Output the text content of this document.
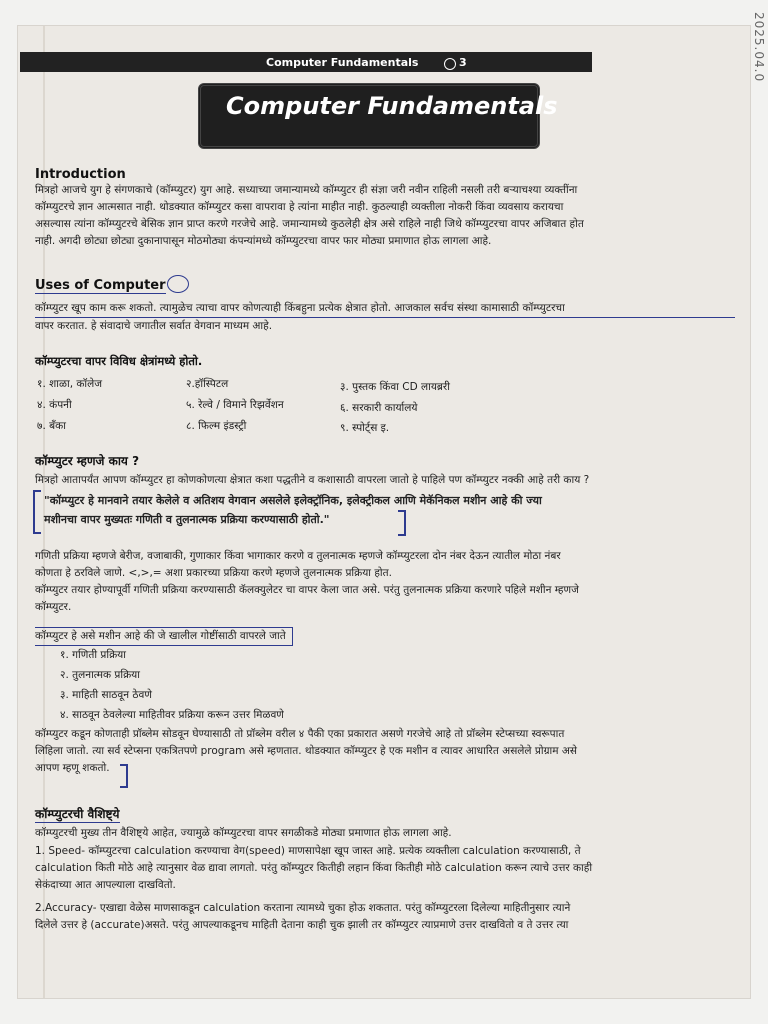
2025.04.0
Computer Fundamentals	3
Computer Fundamentals
Introduction
मित्रहो आजचे युग हे संगणकाचे (कॉम्प्युटर) युग आहे. सध्याच्या जमान्यामध्ये कॉम्प्युटर ही संज्ञा जरी नवीन राहिली नसली तरी बऱ्याचश्या व्यक्तींना
कॉम्प्युटरचे ज्ञान आत्मसात नाही. थोडक्यात कॉम्प्युटर कसा वापरावा हे त्यांना माहीत नाही. कुठल्याही व्यक्तीला नोकरी किंवा व्यवसाय करायचा
असल्यास त्यांना कॉम्प्युटरचे बेसिक ज्ञान प्राप्त करणे गरजेचे आहे. जमान्यामध्ये कुठलेही क्षेत्र असे राहिले नाही जिथे कॉम्प्युटरचा वापर अजिबात होत
नाही. अगदी छोट्या छोट्या दुकानापासून मोठमोठ्या कंपन्यांमध्ये कॉम्प्युटरचा वापर फार मोठ्या प्रमाणात होऊ लागला आहे.
Uses of Computer
कॉम्प्युटर खूप काम करू शकतो. त्यामुळेच त्याचा वापर कोणत्याही किंबहुना प्रत्येक क्षेत्रात होतो. आजकाल सर्वच संस्था कामासाठी कॉम्प्युटरचा
वापर करतात. हे संवादाचे जगातील सर्वात वेगवान माध्यम आहे.
कॉम्प्युटरचा वापर विविध क्षेत्रांमध्ये होतो.
१. शाळा, कॉलेज	२.हॉस्पिटल	३. पुस्तक किंवा CD लायब्ररी
४. कंपनी	५. रेल्वे / विमाने रिझर्वेशन	६. सरकारी कार्यालये
७. बँका	८. फिल्म इंडस्ट्री	९. स्पोर्ट्स इ.
कॉम्प्युटर म्हणजे काय ?
मित्रहो आतापर्यंत आपण कॉम्प्युटर हा कोणकोणत्या क्षेत्रात कशा पद्धतीने व कशासाठी वापरला जातो हे पाहिले पण कॉम्प्युटर नक्की आहे तरी काय ?
"कॉम्प्युटर हे मानवाने तयार केलेले व अतिशय वेगवान असलेले इलेक्ट्रॉनिक, इलेक्ट्रीकल आणि मेकॅनिकल मशीन आहे की ज्या
मशीनचा वापर मुख्यतः गणिती व तुलनात्मक प्रक्रिया करण्यासाठी होतो."
गणिती प्रक्रिया म्हणजे बेरीज, वजाबाकी, गुणाकार किंवा भागाकार करणे व तुलनात्मक म्हणजे कॉम्प्युटरला दोन नंबर देऊन त्यातील मोठा नंबर
कोणता हे ठरविले जाणे. <,>,= अशा प्रकारच्या प्रक्रिया करणे म्हणजे तुलनात्मक प्रक्रिया होत.
कॉम्प्युटर तयार होण्यापूर्वी गणिती प्रक्रिया करण्यासाठी कॅलक्युलेटर चा वापर केला जात असे. परंतु तुलनात्मक प्रक्रिया करणारे पहिले मशीन म्हणजे
कॉम्प्युटर.
कॉम्प्युटर हे असे मशीन आहे की जे खालील गोष्टींसाठी वापरले जाते
१. गणिती प्रक्रिया
२. तुलनात्मक प्रक्रिया
३. माहिती साठवून ठेवणे
४. साठवून ठेवलेल्या माहितीवर प्रक्रिया करून उत्तर मिळवणे
कॉम्प्युटर कडून कोणताही प्रॉब्लेम सोडवून घेण्यासाठी तो प्रॉब्लेम वरील ४ पैकी एका प्रकारात असणे गरजेचे आहे तो प्रॉब्लेम स्टेप्सच्या स्वरूपात
लिहिला जातो. त्या सर्व स्टेप्सना एकत्रितपणे program असे म्हणतात. थोडक्यात कॉम्प्युटर हे एक मशीन व त्यावर आधारित असलेले प्रोग्राम असे
आपण म्हणू शकतो.
कॉम्प्युटरची वैशिष्ट्ये
कॉम्प्युटरची मुख्य तीन वैशिष्ट्ये आहेत, ज्यामुळे कॉम्प्युटरचा वापर सगळीकडे मोठ्या प्रमाणात होऊ लागला आहे.
1. Speed- कॉम्प्युटरचा calculation करण्याचा वेग(speed) माणसापेक्षा खूप जास्त आहे. प्रत्येक व्यक्तीला calculation करण्यासाठी, ते
calculation किती मोठे आहे त्यानुसार वेळ द्यावा लागतो. परंतु कॉम्प्युटर कितीही लहान किंवा कितीही मोठे calculation करून त्याचे उत्तर काही
सेकंदाच्या आत आपल्याला दाखवितो.
2.Accuracy- एखाद्या वेळेस माणसाकडून calculation करताना त्यामध्ये चुका होऊ शकतात. परंतु कॉम्प्युटरला दिलेल्या माहितीनुसार त्याने
दिलेले उत्तर हे (accurate)असते. परंतु आपल्याकडूनच माहिती देताना काही चुक झाली तर कॉम्प्युटर त्याप्रमाणे उत्तर दाखवितो व ते उत्तर त्या
